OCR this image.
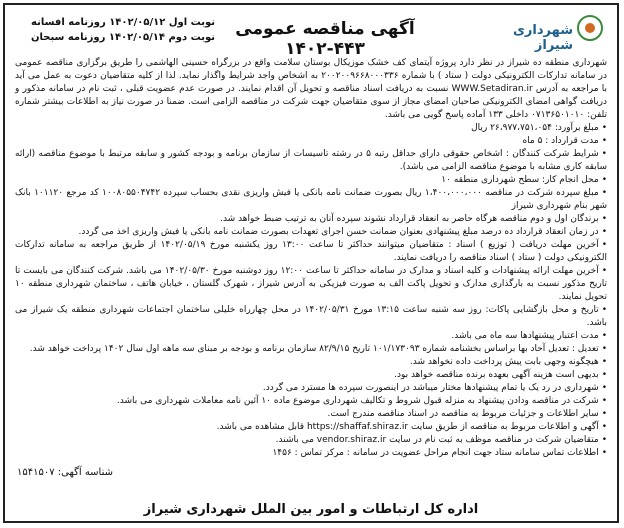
شهرداری شیراز
آگهی مناقصه عمومی ۴۴۳-۱۴۰۲
نوبت اول ۱۴۰۲/۰۵/۱۲ روزنامه افسانه
نوبت دوم ۱۴۰۲/۰۵/۱۴ روزنامه سبحان

شهرداری منطقه ده شیراز در نظر دارد پروژه آیتمای کف خشک موزیکال بوستان سلامت واقع در بزرگراه حسینی الهاشمی را طریق برگزاری مناقصه عمومی در سامانه تدارکات الکترونیکی دولت ( ستاد ) با شماره ۲۰۰۲۰۰۹۶۶۸۰۰۰۳۳۶ به اشخاص واجد شرایط واگذار نماید. لذا از کلیه متقاضیان دعوت به عمل می آید با مراجعه به آدرس WWW.Setadiran.ir نسبت به دریافت اسناد مناقصه و تحویل آن اقدام نمایند. در صورت عدم عضویت قبلی ، ثبت نام در سامانه مذکور و دریافت گواهی امضای الکترونیکی صاحبان امضای مجاز از سوی متقاضیان جهت شرکت در مناقصه الزامی است. ضمنا در صورت نیاز به اطلاعات بیشتر شماره تلفن: ۰۷۱۳۶۵۰۱۰۱۰ داخلی ۱۳۳ آماده پاسخ گویی می باشد.

• مبلغ برآورد: ۲۶،۹۷۷،۷۵۱،۰۵۴ ریال

• مدت قرارداد : ۵ ماه

• شرایط شرکت کنندگان : اشخاص حقوقی دارای حداقل رتبه ۵ در رشته تاسیسات از سازمان برنامه و بودجه کشور و سابقه مرتبط با موضوع مناقصه (ارائه سابقه کاری مشابه با موضوع مناقصه الزامی می باشد).

• محل انجام کار: سطح شهرداری منطقه ۱۰

• مبلغ سپرده شرکت در مناقصه ۱،۴۰۰،۰۰۰،۰۰۰ ریال بصورت ضمانت نامه بانکی یا فیش واریزی نقدی بحساب سپرده ۱۰۰۸۰۵۵۰۴۷۴۲ کد مرجع ۱۰۱۱۲۰ بانک شهر بنام شهرداری شیراز

• برندگان اول و دوم مناقصه هرگاه حاضر به انعقاد قرارداد نشوند سپرده آنان به ترتیب ضبط خواهد شد.

• در زمان انعقاد قرارداد ده درصد مبلغ پیشنهادی بعنوان ضمانت حسن اجرای تعهدات بصورت ضمانت نامه بانکی یا فیش واریزی اخذ می گردد.

• آخرین مهلت دریافت ( توزیع ) اسناد : متقاضیان میتوانند حداکثر تا ساعت ۱۳:۰۰ روز یکشنبه مورخ ۱۴۰۲/۰۵/۱۹ از طریق مراجعه به سامانه تدارکات الکترونیکی دولت ( ستاد ) اسناد مناقصه را دریافت نمایند.

• آخرین مهلت ارائه پیشنهادات و کلیه اسناد و مدارک در سامانه حداکثر تا ساعت ۱۲:۰۰ روز دوشنبه مورخ ۱۴۰۲/۰۵/۳۰ می باشد. شرکت کنندگان می بایست تا تاریخ مذکور نسبت به بارگذاری مدارک و تحویل پاکت الف به صورت فیزیکی به آدرس شیراز ، شهرک گلستان ، خیابان هاتف ، ساختمان شهرداری منطقه ۱۰ تحویل نمایند.

• تاریخ و محل بازگشایی پاکات: روز سه شنبه ساعت ۱۳:۱۵ مورخ ۱۴۰۲/۰۵/۳۱ در محل چهارراه خلیلی ساختمان اجتماعات شهرداری منطقه یک شیراز می باشد.

• مدت اعتبار پیشنهادها سه ماه می باشد.

• تعدیل : تعدیل آحاد بها براساس بخشنامه شماره ۱۰۱/۱۷۳۰۹۳ تاریخ ۸۲/۹/۱۵ سازمان برنامه و بودجه بر مبنای سه ماهه اول سال ۱۴۰۲ پرداخت خواهد شد.

• هیچگونه وجهی بابت پیش پرداخت داده نخواهد شد.

• بدیهی است هزینه آگهی بعهده برنده مناقصه خواهد بود.

• شهرداری در رد یک یا تمام پیشنهادها مختار میباشد در اینصورت سپرده ها مسترد می گردد.

• شرکت در مناقصه ودادن پیشنهاد به منزله قبول شروط و تکالیف شهرداری موضوع ماده ۱۰ آئین نامه معاملات شهرداری می باشد.

• سایر اطلاعات و جزئیات مربوط به مناقصه در اسناد مناقصه مندرج است.

• آگهی و اطلاعات مربوط به مناقصه از طریق سایت https://shaffaf.shiraz.ir قابل مشاهده می باشد.

• متقاضیان شرکت در مناقصه موظف به ثبت نام در سایت vendor.shiraz.ir می باشند.

• اطلاعات تماس سامانه ستاد جهت انجام مراحل عضویت در سامانه : مرکز تماس : ۱۴۵۶

شناسه آگهی: ۱۵۴۱۵۰۷
اداره کل ارتباطات و امور بین الملل شهرداری شیراز
